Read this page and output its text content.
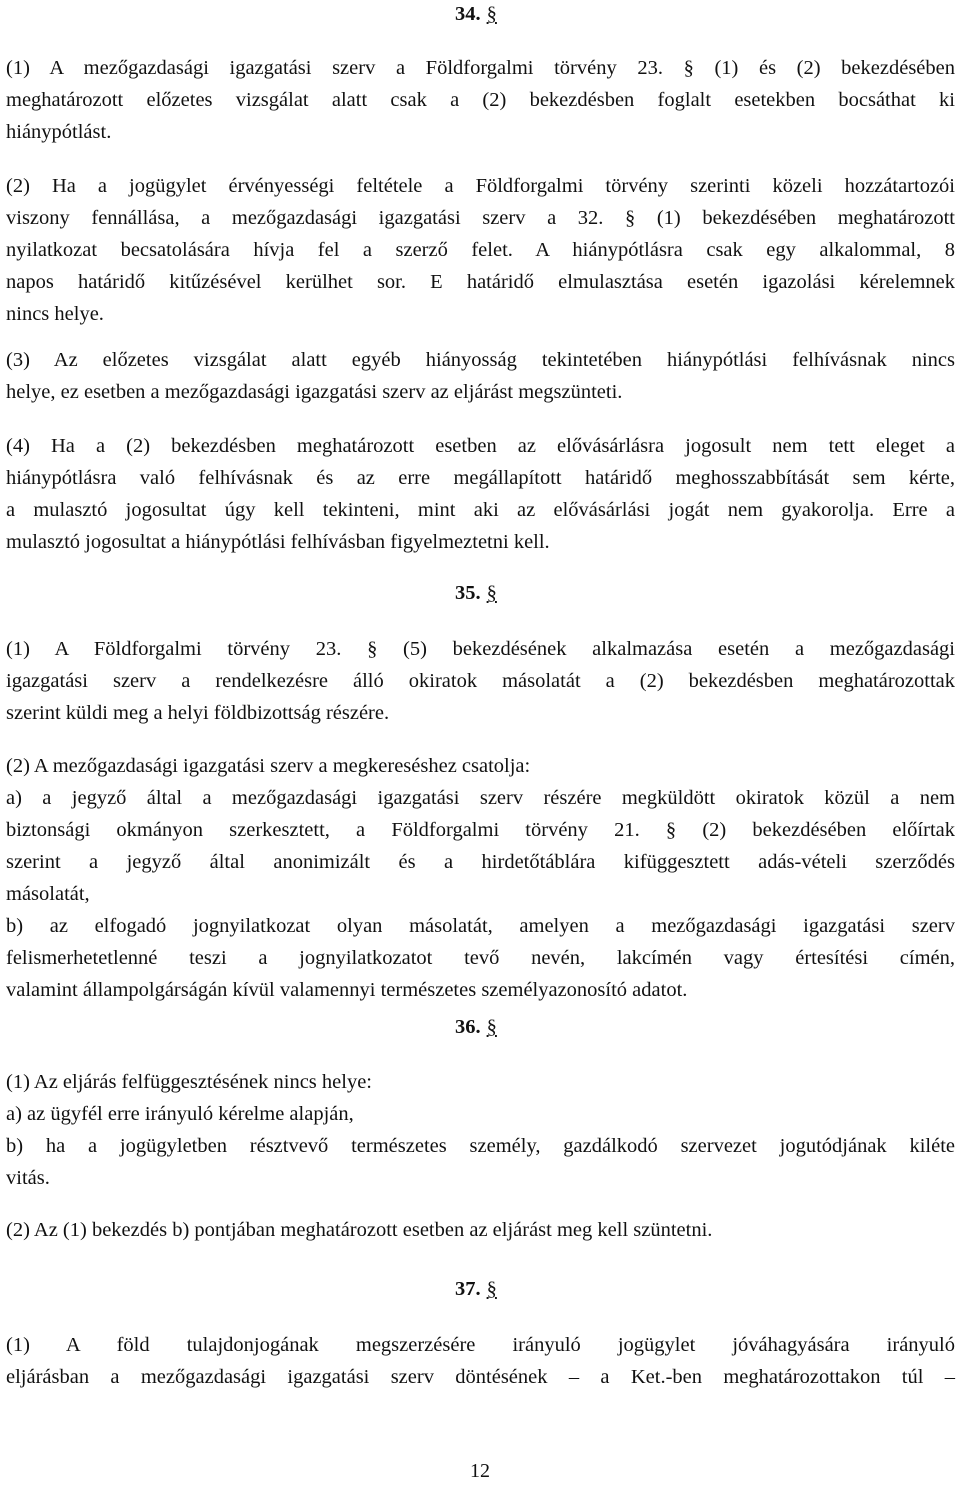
34. §
(1) A mezőgazdasági igazgatási szerv a Földforgalmi törvény 23. § (1) és (2) bekezdésében
meghatározott előzetes vizsgálat alatt csak a (2) bekezdésben foglalt esetekben bocsáthat ki
hiánypótlást.
(2) Ha a jogügylet érvényességi feltétele a Földforgalmi törvény szerinti közeli hozzátartozói
viszony fennállása, a mezőgazdasági igazgatási szerv a 32. § (1) bekezdésében meghatározott
nyilatkozat becsatolására hívja fel a szerző felet. A hiánypótlásra csak egy alkalommal, 8
napos határidő kitűzésével kerülhet sor. E határidő elmulasztása esetén igazolási kérelemnek
nincs helye.
(3) Az előzetes vizsgálat alatt egyéb hiányosság tekintetében hiánypótlási felhívásnak nincs
helye, ez esetben a mezőgazdasági igazgatási szerv az eljárást megszünteti.
(4) Ha a (2) bekezdésben meghatározott esetben az elővásárlásra jogosult nem tett eleget a
hiánypótlásra való felhívásnak és az erre megállapított határidő meghosszabbítását sem kérte,
a mulasztó jogosultat úgy kell tekinteni, mint aki az elővásárlási jogát nem gyakorolja. Erre a
mulasztó jogosultat a hiánypótlási felhívásban figyelmeztetni kell.
35. §
(1) A Földforgalmi törvény 23. § (5) bekezdésének alkalmazása esetén a mezőgazdasági
igazgatási szerv a rendelkezésre álló okiratok másolatát a (2) bekezdésben meghatározottak
szerint küldi meg a helyi földbizottság részére.
(2) A mezőgazdasági igazgatási szerv a megkereséshez csatolja:
a) a jegyző által a mezőgazdasági igazgatási szerv részére megküldött okiratok közül a nem
biztonsági okmányon szerkesztett, a Földforgalmi törvény 21. § (2) bekezdésében előírtak
szerint a jegyző által anonimizált és a hirdetőtáblára kifüggesztett adás-vételi szerződés
másolatát,
b) az elfogadó jognyilatkozat olyan másolatát, amelyen a mezőgazdasági igazgatási szerv
felismerhetetlenné teszi a jognyilatkozatot tevő nevén, lakcímén vagy értesítési címén,
valamint állampolgárságán kívül valamennyi természetes személyazonosító adatot.
36. §
(1) Az eljárás felfüggesztésének nincs helye:
a) az ügyfél erre irányuló kérelme alapján,
b) ha a jogügyletben résztvevő természetes személy, gazdálkodó szervezet jogutódjának kiléte
vitás.
(2) Az (1) bekezdés b) pontjában meghatározott esetben az eljárást meg kell szüntetni.
37. §
(1) A föld tulajdonjogának megszerzésére irányuló jogügylet jóváhagyására irányuló
eljárásban a mezőgazdasági igazgatási szerv döntésének – a Ket.-ben meghatározottakon túl –
12
